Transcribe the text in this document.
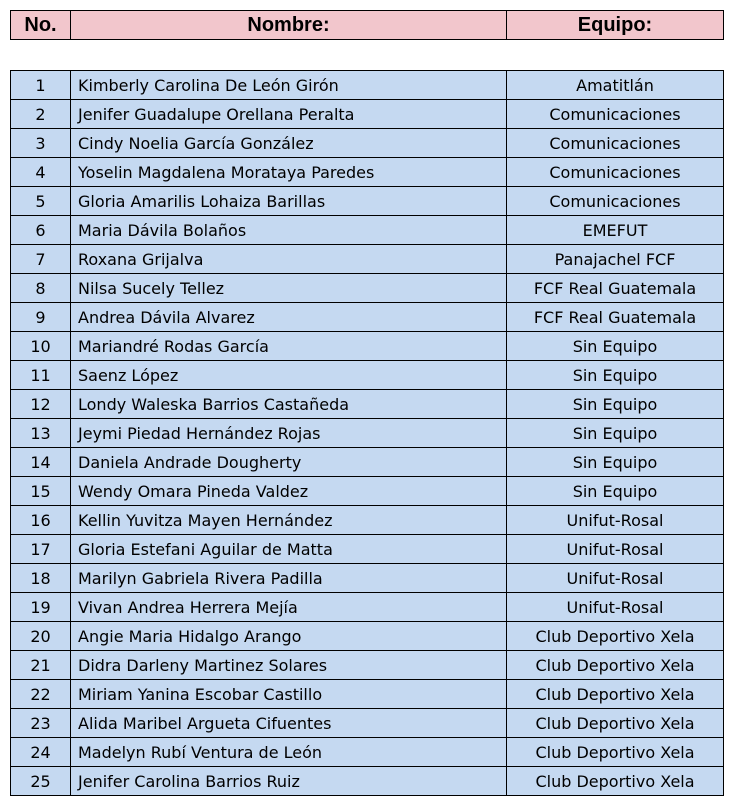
No.	Nombre:	Equipo:
1	Kimberly Carolina De León Girón	Amatitlán
2	Jenifer Guadalupe Orellana Peralta	Comunicaciones
3	Cindy Noelia García González	Comunicaciones
4	Yoselin Magdalena Morataya Paredes	Comunicaciones
5	Gloria Amarilis Lohaiza Barillas	Comunicaciones
6	Maria Dávila Bolaños	EMEFUT
7	Roxana Grijalva	Panajachel FCF
8	Nilsa Sucely Tellez	FCF Real Guatemala
9	Andrea Dávila Alvarez	FCF Real Guatemala
10	Mariandré Rodas García	Sin Equipo
11	Saenz López	Sin Equipo
12	Londy Waleska Barrios Castañeda	Sin Equipo
13	Jeymi Piedad Hernández Rojas	Sin Equipo
14	Daniela Andrade Dougherty	Sin Equipo
15	Wendy Omara Pineda Valdez	Sin Equipo
16	Kellin Yuvitza Mayen Hernández	Unifut-Rosal
17	Gloria Estefani Aguilar de Matta	Unifut-Rosal
18	Marilyn Gabriela Rivera Padilla	Unifut-Rosal
19	Vivan Andrea Herrera Mejía	Unifut-Rosal
20	Angie Maria Hidalgo Arango	Club Deportivo Xela
21	Didra Darleny Martinez Solares	Club Deportivo Xela
22	Miriam Yanina Escobar Castillo	Club Deportivo Xela
23	Alida Maribel Argueta Cifuentes	Club Deportivo Xela
24	Madelyn Rubí Ventura de León	Club Deportivo Xela
25	Jenifer Carolina Barrios Ruiz	Club Deportivo Xela
